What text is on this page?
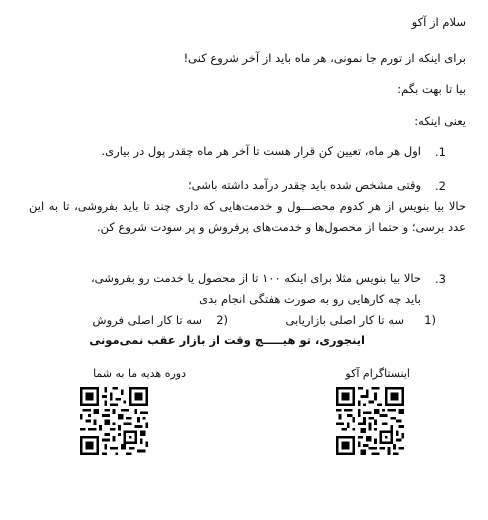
سلام از آکو
برای اینکه از تورم جا نمونی، هر ماه باید از آخر شروع کنی!
بیا تا بهت بگم:
یعنی اینکه:
.1
اول هر ماه، تعیین کن قرار هست تا آخر هر ماه چقدر پول در بیاری.
.2
وقتی مشخص شده باید چقدر درآمد داشته باشی؛
حالا بیا بنویس از هر کدوم محصـــول و خدمت‌هایی که داری چند تا باید بفروشی، تا به این عدد برسی؛ و حتما از محصول‌ها و خدمت‌های پرفروش و پر سودت شروع کن.
.3
حالا بیا بنویس مثلا برای اینکه ۱۰۰ تا از محصول یا خدمت رو بفروشی،
باید چه کارهایی رو به صورت هفتگی انجام بدی
1)
سه تا کار اصلی بازاریابی
2)
سه تا کار اصلی فروش
اینجوری، تو هیـــــچ وقت از بازار عقب نمی‌مونی
اینستاگرام آکو
دوره هدیه ما به شما
